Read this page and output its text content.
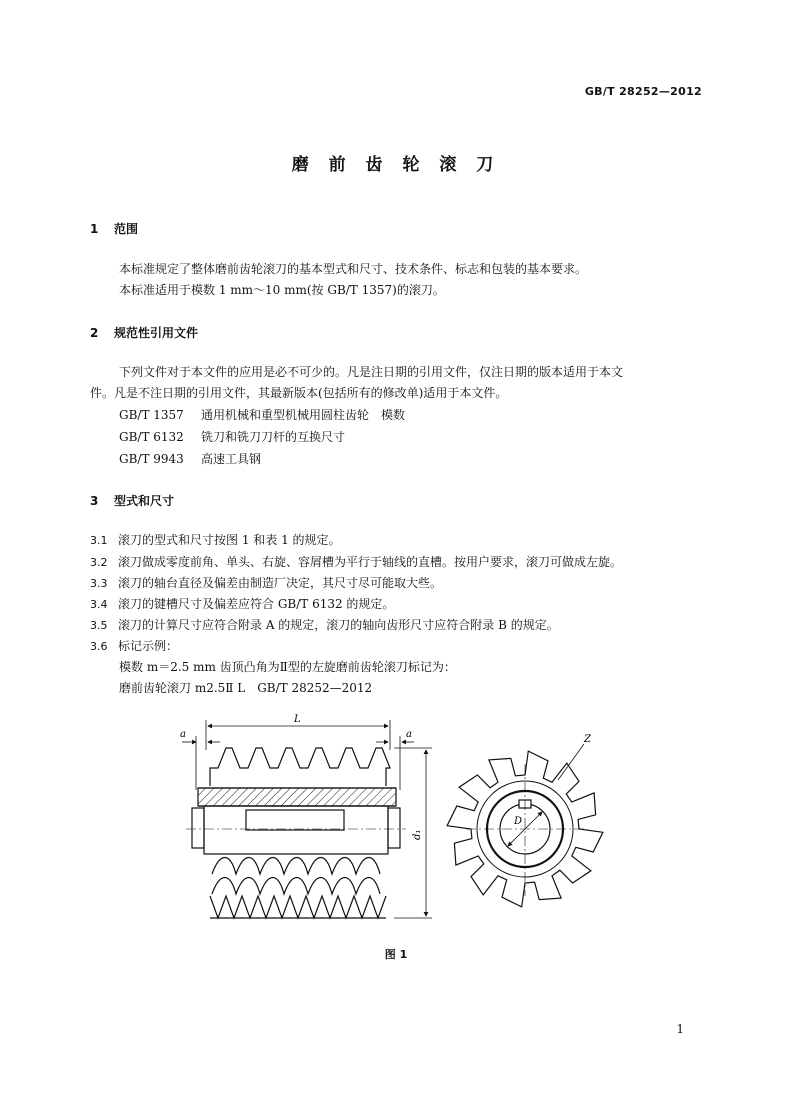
GB/T 28252—2012
磨 前 齿 轮 滚 刀
1 范围
本标准规定了整体磨前齿轮滚刀的基本型式和尺寸、技术条件、标志和包装的基本要求。
本标准适用于模数 1 mm～10 mm(按 GB/T 1357)的滚刀。
2 规范性引用文件
下列文件对于本文件的应用是必不可少的。凡是注日期的引用文件，仅注日期的版本适用于本文
件。凡是不注日期的引用文件，其最新版本(包括所有的修改单)适用于本文件。
GB/T 1357 通用机械和重型机械用圆柱齿轮　模数
GB/T 6132 铣刀和铣刀刀杆的互换尺寸
GB/T 9943 高速工具钢
3 型式和尺寸
3.1 滚刀的型式和尺寸按图 1 和表 1 的规定。
3.2 滚刀做成零度前角、单头、右旋、容屑槽为平行于轴线的直槽。按用户要求，滚刀可做成左旋。
3.3 滚刀的轴台直径及偏差由制造厂决定，其尺寸尽可能取大些。
3.4 滚刀的键槽尺寸及偏差应符合 GB/T 6132 的规定。
3.5 滚刀的计算尺寸应符合附录 A 的规定，滚刀的轴向齿形尺寸应符合附录 B 的规定。
3.6 标记示例：
模数 m＝2.5 mm 齿顶凸角为Ⅱ型的左旋磨前齿轮滚刀标记为：
磨前齿轮滚刀 m2.5Ⅱ L　GB/T 28252—2012
L
a	a
d₁
D
Z
图 1
1
